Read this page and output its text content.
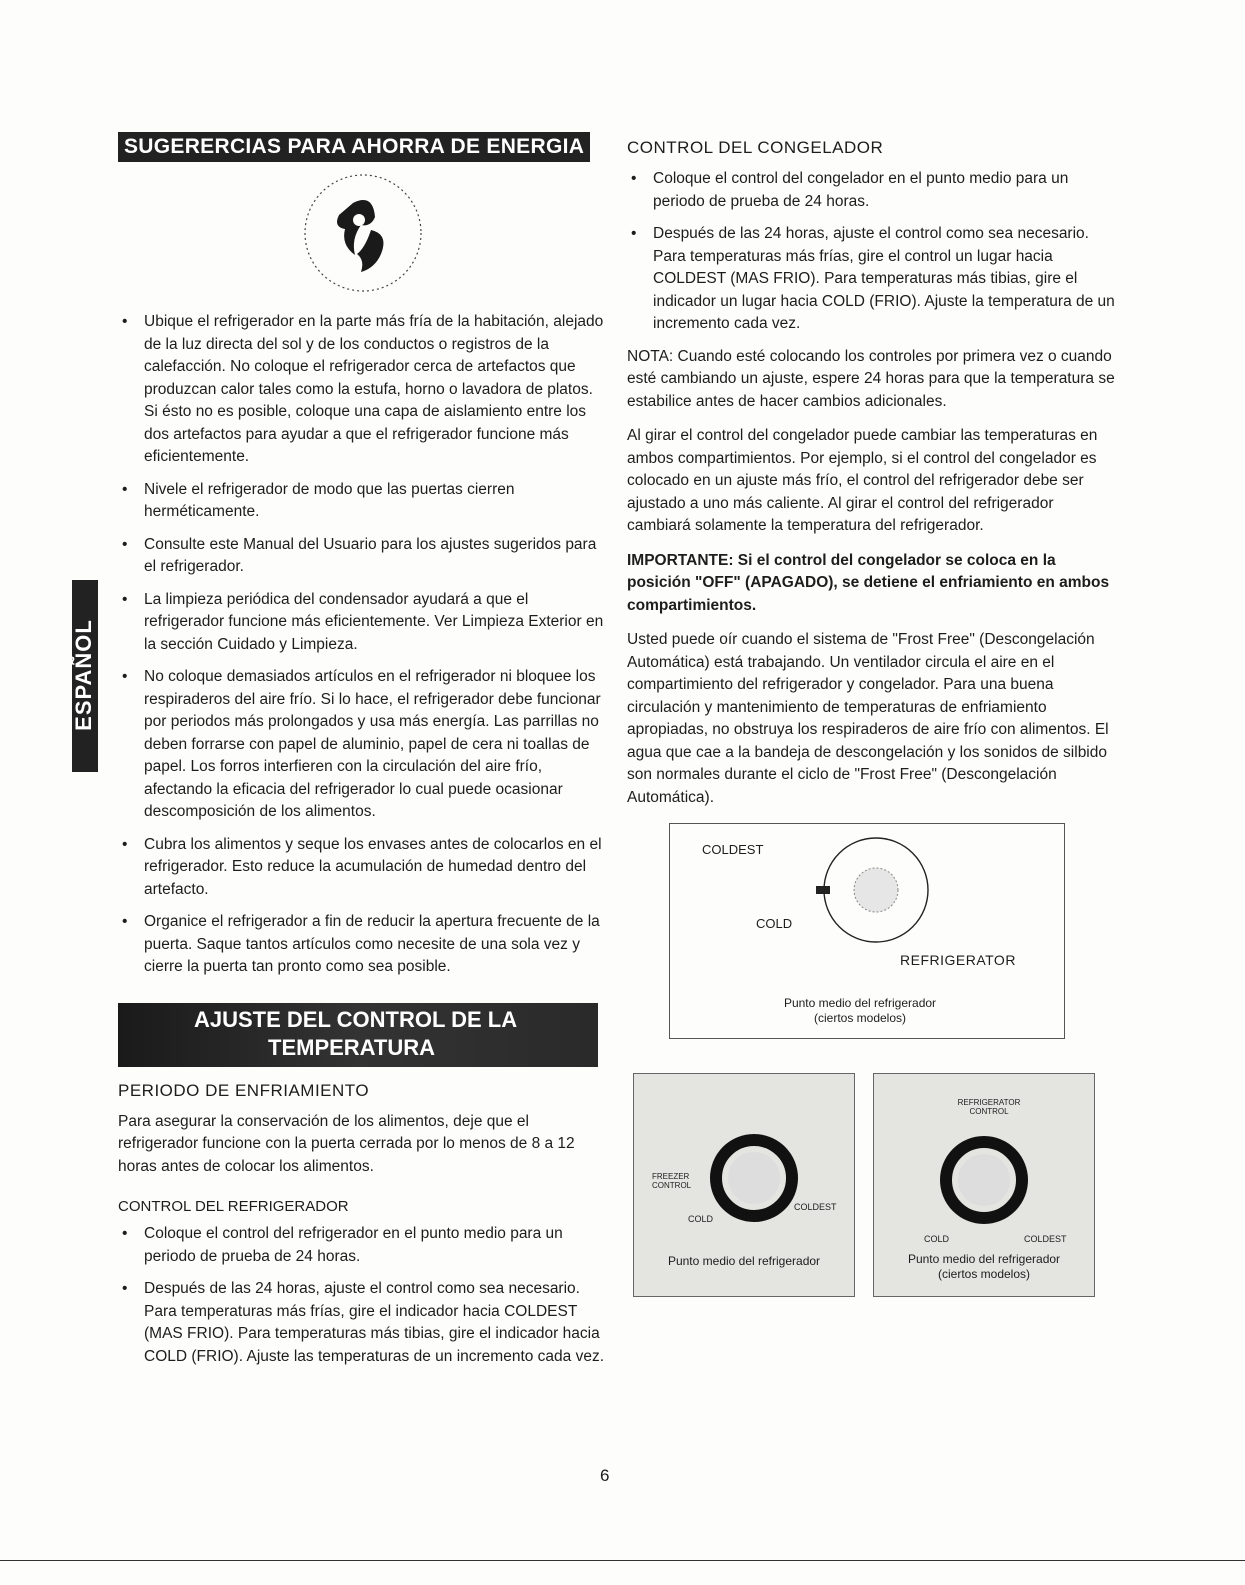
ESPAÑOL
SUGERERCIAS PARA AHORRA DE ENERGIA
• Ubique el refrigerador en la parte más fría de la habitación, alejado de la luz directa del sol y de los conductos o registros de la calefacción. No coloque el refrigerador cerca de artefactos que produzcan calor tales como la estufa, horno o lavadora de platos. Si ésto no es posible, coloque una capa de aislamiento entre los dos artefactos para ayudar a que el refrigerador funcione más eficientemente.
• Nivele el refrigerador de modo que las puertas cierren herméticamente.
• Consulte este Manual del Usuario para los ajustes sugeridos para el refrigerador.
• La limpieza periódica del condensador ayudará a que el refrigerador funcione más eficientemente. Ver Limpieza Exterior en la sección Cuidado y Limpieza.
• No coloque demasiados artículos en el refrigerador ni bloquee los respiraderos del aire frío. Si lo hace, el refrigerador debe funcionar por periodos más prolongados y usa más energía. Las parrillas no deben forrarse con papel de aluminio, papel de cera ni toallas de papel. Los forros interfieren con la circulación del aire frío, afectando la eficacia del refrigerador lo cual puede ocasionar descomposición de los alimentos.
• Cubra los alimentos y seque los envases antes de colocarlos en el refrigerador. Esto reduce la acumulación de humedad dentro del artefacto.
• Organice el refrigerador a fin de reducir la apertura frecuente de la puerta. Saque tantos artículos como necesite de una sola vez y cierre la puerta tan pronto como sea posible.
AJUSTE DEL CONTROL DE LA
TEMPERATURA
PERIODO DE ENFRIAMIENTO

Para asegurar la conservación de los alimentos, deje que el refrigerador funcione con la puerta cerrada por lo menos de 8 a 12 horas antes de colocar los alimentos.

CONTROL DEL REFRIGERADOR
• Coloque el control del refrigerador en el punto medio para un periodo de prueba de 24 horas.
• Después de las 24 horas, ajuste el control como sea necesario. Para temperaturas más frías, gire el indicador hacia COLDEST (MAS FRIO). Para temperaturas más tibias, gire el indicador hacia COLD (FRIO). Ajuste las temperaturas de un incremento cada vez.
CONTROL DEL CONGELADOR
• Coloque el control del congelador en el punto medio para un periodo de prueba de 24 horas.
• Después de las 24 horas, ajuste el control como sea necesario. Para temperaturas más frías, gire el control un lugar hacia COLDEST (MAS FRIO). Para temperaturas más tibias, gire el indicador un lugar hacia COLD (FRIO). Ajuste la temperatura de un incremento cada vez.

NOTA: Cuando esté colocando los controles por primera vez o cuando esté cambiando un ajuste, espere 24 horas para que la temperatura se estabilice antes de hacer cambios adicionales.

Al girar el control del congelador puede cambiar las temperaturas en ambos compartimientos. Por ejemplo, si el control del congelador es colocado en un ajuste más frío, el control del refrigerador debe ser ajustado a uno más caliente. Al girar el control del refrigerador cambiará solamente la temperatura del refrigerador.

IMPORTANTE: Si el control del congelador se coloca en la posición "OFF" (APAGADO), se detiene el enfriamiento en ambos compartimientos.

Usted puede oír cuando el sistema de "Frost Free" (Descongelación Automática) está trabajando. Un ventilador circula el aire en el compartimiento del refrigerador y congelador. Para una buena circulación y mantenimiento de temperaturas de enfriamiento apropiadas, no obstruya los respiraderos de aire frío con alimentos. El agua que cae a la bandeja de descongelación y los sonidos de silbido son normales durante el ciclo de "Frost Free" (Descongelación Automática).

COLDEST
COLD
REFRIGERATOR
Punto medio del refrigerador
(ciertos modelos)
FREEZER CONTROL
COLD
COLDEST
Punto medio del refrigerador
REFRIGERATOR CONTROL
COLD	COLDEST
Punto medio del refrigerador
(ciertos modelos)
6
